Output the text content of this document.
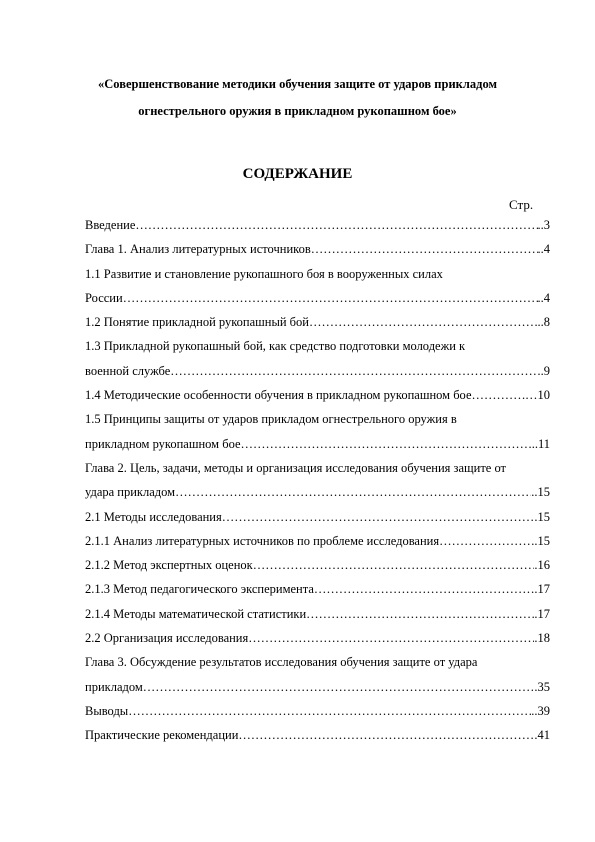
«Совершенствование методики обучения защите от ударов прикладом
огнестрельного оружия в прикладном рукопашном бое»
СОДЕРЖАНИЕ
Стр.
Введение ……………………………………………………………………………………………………………………………………………………………………	..3
Глава 1. Анализ литературных источников ……………………………………………………………………………………………………………………………………………………………………	..4
1.1 Развитие и становление рукопашного боя в вооруженных силах
России ……………………………………………………………………………………………………………………………………………………………………	..4
1.2 Понятие прикладной рукопашный бой ……………………………………………………………………………………………………………………………………………………………………	..8
1.3 Прикладной рукопашный бой, как средство подготовки молодежи к
военной службе ……………………………………………………………………………………………………………………………………………………………………	.9
1.4 Методические особенности обучения в прикладном рукопашном бое ……………………………………………………………………………………………………………………………………………………………………	…10
1.5 Принципы защиты от ударов прикладом огнестрельного оружия в
прикладном рукопашном бое ……………………………………………………………………………………………………………………………………………………………………	..11
Глава 2. Цель, задачи, методы и организация исследования обучения защите от
удара прикладом ……………………………………………………………………………………………………………………………………………………………………	..15
2.1 Методы исследования ……………………………………………………………………………………………………………………………………………………………………	.15
2.1.1 Анализ литературных источников по проблеме исследования ……………………………………………………………………………………………………………………………………………………………………	..15
2.1.2 Метод экспертных оценок ……………………………………………………………………………………………………………………………………………………………………	.16
2.1.3 Метод педагогического эксперимента ……………………………………………………………………………………………………………………………………………………………………	.17
2.1.4 Методы математической статистики ……………………………………………………………………………………………………………………………………………………………………	.17
2.2 Организация исследования ……………………………………………………………………………………………………………………………………………………………………	.18
Глава 3. Обсуждение результатов исследования обучения защите от удара
прикладом ……………………………………………………………………………………………………………………………………………………………………	.35
Выводы ……………………………………………………………………………………………………………………………………………………………………	..39
Практические рекомендации ……………………………………………………………………………………………………………………………………………………………………	.41
